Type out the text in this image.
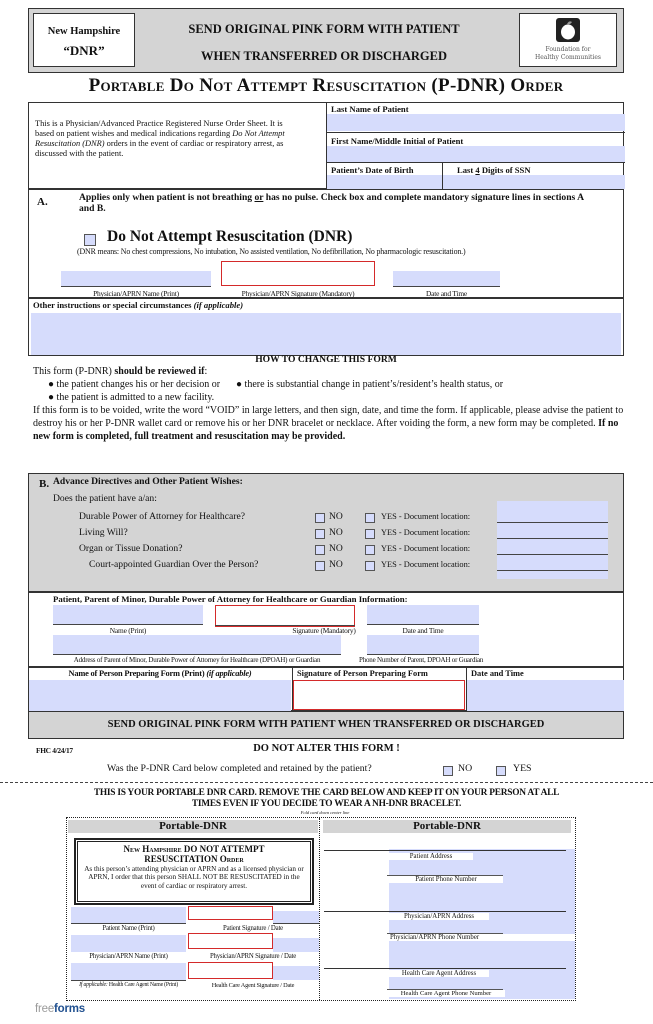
New Hampshire
“DNR”
SEND ORIGINAL PINK FORM WITH PATIENT
WHEN TRANSFERRED OR DISCHARGED	Foundation for
Healthy Communities
Portable Do Not Attempt Resuscitation (P-DNR) Order
This is a Physician/Advanced Practice Registered Nurse Order Sheet. It is based on patient wishes and medical indications regarding Do Not Attempt Resuscitation (DNR) orders in the event of cardiac or respiratory arrest, as discussed with the patient.
Last Name of Patient
First Name/Middle Initial of Patient
Patient’s Date of Birth	Last 4 Digits of SSN
A.	Applies only when patient is not breathing or has no pulse. Check box and complete mandatory signature lines in sections A and B.
Do Not Attempt Resuscitation (DNR)
(DNR means: No chest compressions, No intubation, No assisted ventilation, No defibrillation, No pharmacologic resuscitation.)
Physician/APRN Name (Print)	Physician/APRN Signature (Mandatory)	Date and Time
Other instructions or special circumstances (if applicable)
HOW TO CHANGE THIS FORM
This form (P-DNR) should be reviewed if:
● the patient changes his or her decision or ● there is substantial change in patient’s/resident’s health status, or
● the patient is admitted to a new facility.
If this form is to be voided, write the word “VOID” in large letters, and then sign, date, and time the form. If applicable, please advise the patient to destroy his or her P-DNR wallet card or remove his or her DNR bracelet or necklace. After voiding the form, a new form may be completed. If no new form is completed, full treatment and resuscitation may be provided.
B. Advance Directives and Other Patient Wishes:
Does the patient have a/an:
Durable Power of Attorney for Healthcare?	NO	YES - Document location:
Living Will?	NO	YES - Document location:
Organ or Tissue Donation?	NO	YES - Document location:
Court-appointed Guardian Over the Person?	NO	YES - Document location:
Patient, Parent of Minor, Durable Power of Attorney for Healthcare or Guardian Information:
Name (Print)	Signature (Mandatory)	Date and Time
Address of Parent of Minor, Durable Power of Attorney for Healthcare (DPOAH) or Guardian	Phone Number of Parent, DPOAH or Guardian
Name of Person Preparing Form (Print) (if applicable)	Signature of Person Preparing Form	Date and Time
SEND ORIGINAL PINK FORM WITH PATIENT WHEN TRANSFERRED OR DISCHARGED
FHC 4/24/17	DO NOT ALTER THIS FORM !
Was the P-DNR Card below completed and retained by the patient?	NO	YES
THIS IS YOUR PORTABLE DNR CARD. REMOVE THE CARD BELOW AND KEEP IT ON YOUR PERSON AT ALL
TIMES EVEN IF YOU DECIDE TO WEAR A NH-DNR BRACELET.
Fold card down center line
Portable-DNR
New Hampshire DO NOT ATTEMPT
RESUSCITATION Order
As this person’s attending physician or APRN and as a licensed physician or APRN, I order that this person SHALL NOT BE RESUSCITATED in the event of cardiac or respiratory arrest.
Patient Name (Print)	Patient Signature / Date
Physician/APRN Name (Print)	Physician/APRN Signature / Date
If applicable: Health Care Agent Name (Print)	Health Care Agent Signature / Date
Portable-DNR
Patient Address
Patient Phone Number
Physician/APRN Address
Physician/APRN Phone Number
Health Care Agent Address
Health Care Agent Phone Number
freeforms
